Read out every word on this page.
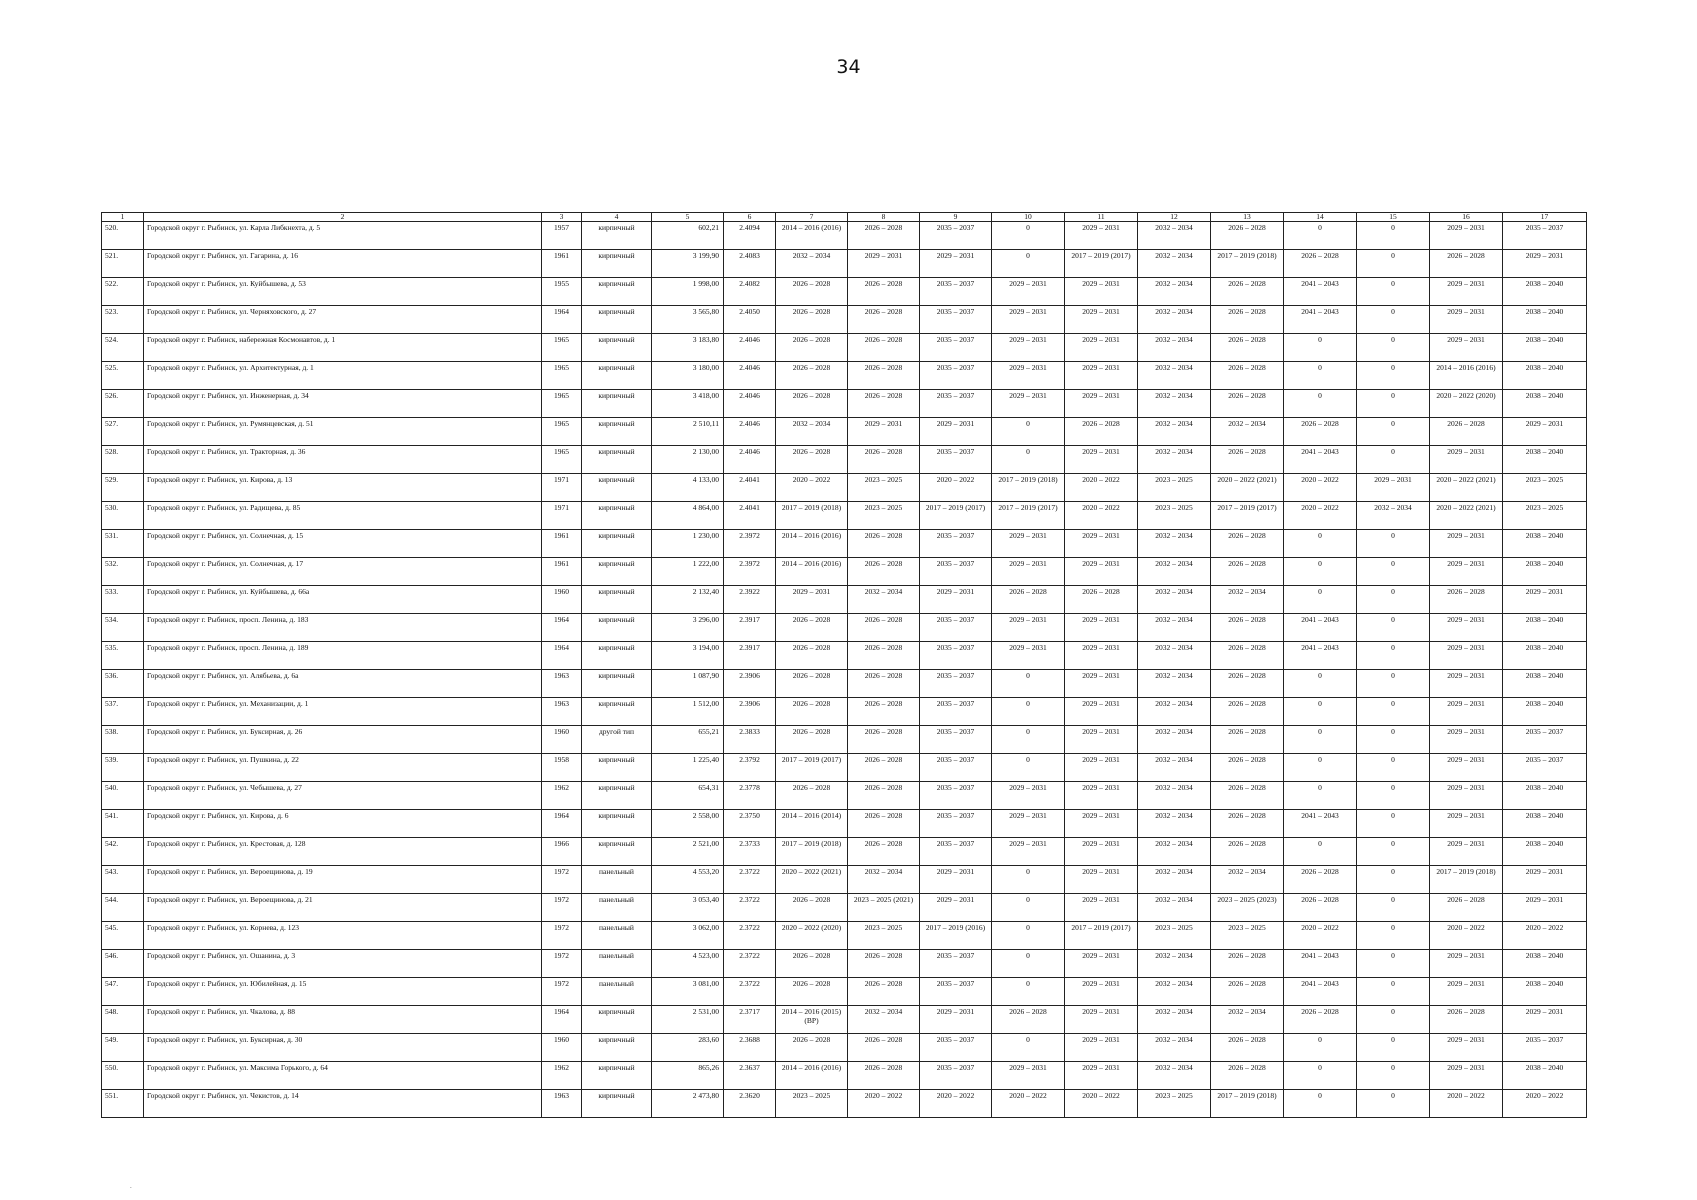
34
1	2	3	4	5	6	7	8	9	10	11	12	13	14	15	16	17
520.	Городской округ г. Рыбинск, ул. Карла Либкнехта, д. 5	1957	кирпичный	602,21	2.4094	2014 – 2016 (2016)	2026 – 2028	2035 – 2037	0	2029 – 2031	2032 – 2034	2026 – 2028	0	0	2029 – 2031	2035 – 2037
521.	Городской округ г. Рыбинск, ул. Гагарина, д. 16	1961	кирпичный	3 199,90	2.4083	2032 – 2034	2029 – 2031	2029 – 2031	0	2017 – 2019 (2017)	2032 – 2034	2017 – 2019 (2018)	2026 – 2028	0	2026 – 2028	2029 – 2031
522.	Городской округ г. Рыбинск, ул. Куйбышева, д. 53	1955	кирпичный	1 998,00	2.4082	2026 – 2028	2026 – 2028	2035 – 2037	2029 – 2031	2029 – 2031	2032 – 2034	2026 – 2028	2041 – 2043	0	2029 – 2031	2038 – 2040
523.	Городской округ г. Рыбинск, ул. Черняховского, д. 27	1964	кирпичный	3 565,80	2.4050	2026 – 2028	2026 – 2028	2035 – 2037	2029 – 2031	2029 – 2031	2032 – 2034	2026 – 2028	2041 – 2043	0	2029 – 2031	2038 – 2040
524.	Городской округ г. Рыбинск, набережная Космонавтов, д. 1	1965	кирпичный	3 183,80	2.4046	2026 – 2028	2026 – 2028	2035 – 2037	2029 – 2031	2029 – 2031	2032 – 2034	2026 – 2028	0	0	2029 – 2031	2038 – 2040
525.	Городской округ г. Рыбинск, ул. Архитектурная, д. 1	1965	кирпичный	3 180,00	2.4046	2026 – 2028	2026 – 2028	2035 – 2037	2029 – 2031	2029 – 2031	2032 – 2034	2026 – 2028	0	0	2014 – 2016 (2016)	2038 – 2040
526.	Городской округ г. Рыбинск, ул. Инженерная, д. 34	1965	кирпичный	3 418,00	2.4046	2026 – 2028	2026 – 2028	2035 – 2037	2029 – 2031	2029 – 2031	2032 – 2034	2026 – 2028	0	0	2020 – 2022 (2020)	2038 – 2040
527.	Городской округ г. Рыбинск, ул. Румянцевская, д. 51	1965	кирпичный	2 510,11	2.4046	2032 – 2034	2029 – 2031	2029 – 2031	0	2026 – 2028	2032 – 2034	2032 – 2034	2026 – 2028	0	2026 – 2028	2029 – 2031
528.	Городской округ г. Рыбинск, ул. Тракторная, д. 36	1965	кирпичный	2 130,00	2.4046	2026 – 2028	2026 – 2028	2035 – 2037	0	2029 – 2031	2032 – 2034	2026 – 2028	2041 – 2043	0	2029 – 2031	2038 – 2040
529.	Городской округ г. Рыбинск, ул. Кирова, д. 13	1971	кирпичный	4 133,00	2.4041	2020 – 2022	2023 – 2025	2020 – 2022	2017 – 2019 (2018)	2020 – 2022	2023 – 2025	2020 – 2022 (2021)	2020 – 2022	2029 – 2031	2020 – 2022 (2021)	2023 – 2025
530.	Городской округ г. Рыбинск, ул. Радищева, д. 85	1971	кирпичный	4 864,00	2.4041	2017 – 2019 (2018)	2023 – 2025	2017 – 2019 (2017)	2017 – 2019 (2017)	2020 – 2022	2023 – 2025	2017 – 2019 (2017)	2020 – 2022	2032 – 2034	2020 – 2022 (2021)	2023 – 2025
531.	Городской округ г. Рыбинск, ул. Солнечная, д. 15	1961	кирпичный	1 230,00	2.3972	2014 – 2016 (2016)	2026 – 2028	2035 – 2037	2029 – 2031	2029 – 2031	2032 – 2034	2026 – 2028	0	0	2029 – 2031	2038 – 2040
532.	Городской округ г. Рыбинск, ул. Солнечная, д. 17	1961	кирпичный	1 222,00	2.3972	2014 – 2016 (2016)	2026 – 2028	2035 – 2037	2029 – 2031	2029 – 2031	2032 – 2034	2026 – 2028	0	0	2029 – 2031	2038 – 2040
533.	Городской округ г. Рыбинск, ул. Куйбышева, д. 66а	1960	кирпичный	2 132,40	2.3922	2029 – 2031	2032 – 2034	2029 – 2031	2026 – 2028	2026 – 2028	2032 – 2034	2032 – 2034	0	0	2026 – 2028	2029 – 2031
534.	Городской округ г. Рыбинск, просп. Ленина, д. 183	1964	кирпичный	3 296,00	2.3917	2026 – 2028	2026 – 2028	2035 – 2037	2029 – 2031	2029 – 2031	2032 – 2034	2026 – 2028	2041 – 2043	0	2029 – 2031	2038 – 2040
535.	Городской округ г. Рыбинск, просп. Ленина, д. 189	1964	кирпичный	3 194,00	2.3917	2026 – 2028	2026 – 2028	2035 – 2037	2029 – 2031	2029 – 2031	2032 – 2034	2026 – 2028	2041 – 2043	0	2029 – 2031	2038 – 2040
536.	Городской округ г. Рыбинск, ул. Алябьева, д. 6а	1963	кирпичный	1 087,90	2.3906	2026 – 2028	2026 – 2028	2035 – 2037	0	2029 – 2031	2032 – 2034	2026 – 2028	0	0	2029 – 2031	2038 – 2040
537.	Городской округ г. Рыбинск, ул. Механизации, д. 1	1963	кирпичный	1 512,00	2.3906	2026 – 2028	2026 – 2028	2035 – 2037	0	2029 – 2031	2032 – 2034	2026 – 2028	0	0	2029 – 2031	2038 – 2040
538.	Городской округ г. Рыбинск, ул. Буксирная, д. 26	1960	другой тип	655,21	2.3833	2026 – 2028	2026 – 2028	2035 – 2037	0	2029 – 2031	2032 – 2034	2026 – 2028	0	0	2029 – 2031	2035 – 2037
539.	Городской округ г. Рыбинск, ул. Пушкина, д. 22	1958	кирпичный	1 225,40	2.3792	2017 – 2019 (2017)	2026 – 2028	2035 – 2037	0	2029 – 2031	2032 – 2034	2026 – 2028	0	0	2029 – 2031	2035 – 2037
540.	Городской округ г. Рыбинск, ул. Чебышева, д. 27	1962	кирпичный	654,31	2.3778	2026 – 2028	2026 – 2028	2035 – 2037	2029 – 2031	2029 – 2031	2032 – 2034	2026 – 2028	0	0	2029 – 2031	2038 – 2040
541.	Городской округ г. Рыбинск, ул. Кирова, д. 6	1964	кирпичный	2 558,00	2.3750	2014 – 2016 (2014)	2026 – 2028	2035 – 2037	2029 – 2031	2029 – 2031	2032 – 2034	2026 – 2028	2041 – 2043	0	2029 – 2031	2038 – 2040
542.	Городской округ г. Рыбинск, ул. Крестовая, д. 128	1966	кирпичный	2 521,00	2.3733	2017 – 2019 (2018)	2026 – 2028	2035 – 2037	2029 – 2031	2029 – 2031	2032 – 2034	2026 – 2028	0	0	2029 – 2031	2038 – 2040
543.	Городской округ г. Рыбинск, ул. Вероещинова, д. 19	1972	панельный	4 553,20	2.3722	2020 – 2022 (2021)	2032 – 2034	2029 – 2031	0	2029 – 2031	2032 – 2034	2032 – 2034	2026 – 2028	0	2017 – 2019 (2018)	2029 – 2031
544.	Городской округ г. Рыбинск, ул. Вероещинова, д. 21	1972	панельный	3 053,40	2.3722	2026 – 2028	2023 – 2025 (2021)	2029 – 2031	0	2029 – 2031	2032 – 2034	2023 – 2025 (2023)	2026 – 2028	0	2026 – 2028	2029 – 2031
545.	Городской округ г. Рыбинск, ул. Корнева, д. 123	1972	панельный	3 062,00	2.3722	2020 – 2022 (2020)	2023 – 2025	2017 – 2019 (2016)	0	2017 – 2019 (2017)	2023 – 2025	2023 – 2025	2020 – 2022	0	2020 – 2022	2020 – 2022
546.	Городской округ г. Рыбинск, ул. Ошанина, д. 3	1972	панельный	4 523,00	2.3722	2026 – 2028	2026 – 2028	2035 – 2037	0	2029 – 2031	2032 – 2034	2026 – 2028	2041 – 2043	0	2029 – 2031	2038 – 2040
547.	Городской округ г. Рыбинск, ул. Юбилейная, д. 15	1972	панельный	3 081,00	2.3722	2026 – 2028	2026 – 2028	2035 – 2037	0	2029 – 2031	2032 – 2034	2026 – 2028	2041 – 2043	0	2029 – 2031	2038 – 2040
548.	Городской округ г. Рыбинск, ул. Чкалова, д. 88	1964	кирпичный	2 531,00	2.3717	2014 – 2016 (2015) (ВР)	2032 – 2034	2029 – 2031	2026 – 2028	2029 – 2031	2032 – 2034	2032 – 2034	2026 – 2028	0	2026 – 2028	2029 – 2031
549.	Городской округ г. Рыбинск, ул. Буксирная, д. 30	1960	кирпичный	283,60	2.3688	2026 – 2028	2026 – 2028	2035 – 2037	0	2029 – 2031	2032 – 2034	2026 – 2028	0	0	2029 – 2031	2035 – 2037
550.	Городской округ г. Рыбинск, ул. Максима Горького, д. 64	1962	кирпичный	865,26	2.3637	2014 – 2016 (2016)	2026 – 2028	2035 – 2037	2029 – 2031	2029 – 2031	2032 – 2034	2026 – 2028	0	0	2029 – 2031	2038 – 2040
551.	Городской округ г. Рыбинск, ул. Чекистов, д. 14	1963	кирпичный	2 473,80	2.3620	2023 – 2025	2020 – 2022	2020 – 2022	2020 – 2022	2020 – 2022	2023 – 2025	2017 – 2019 (2018)	0	0	2020 – 2022	2020 – 2022
.
